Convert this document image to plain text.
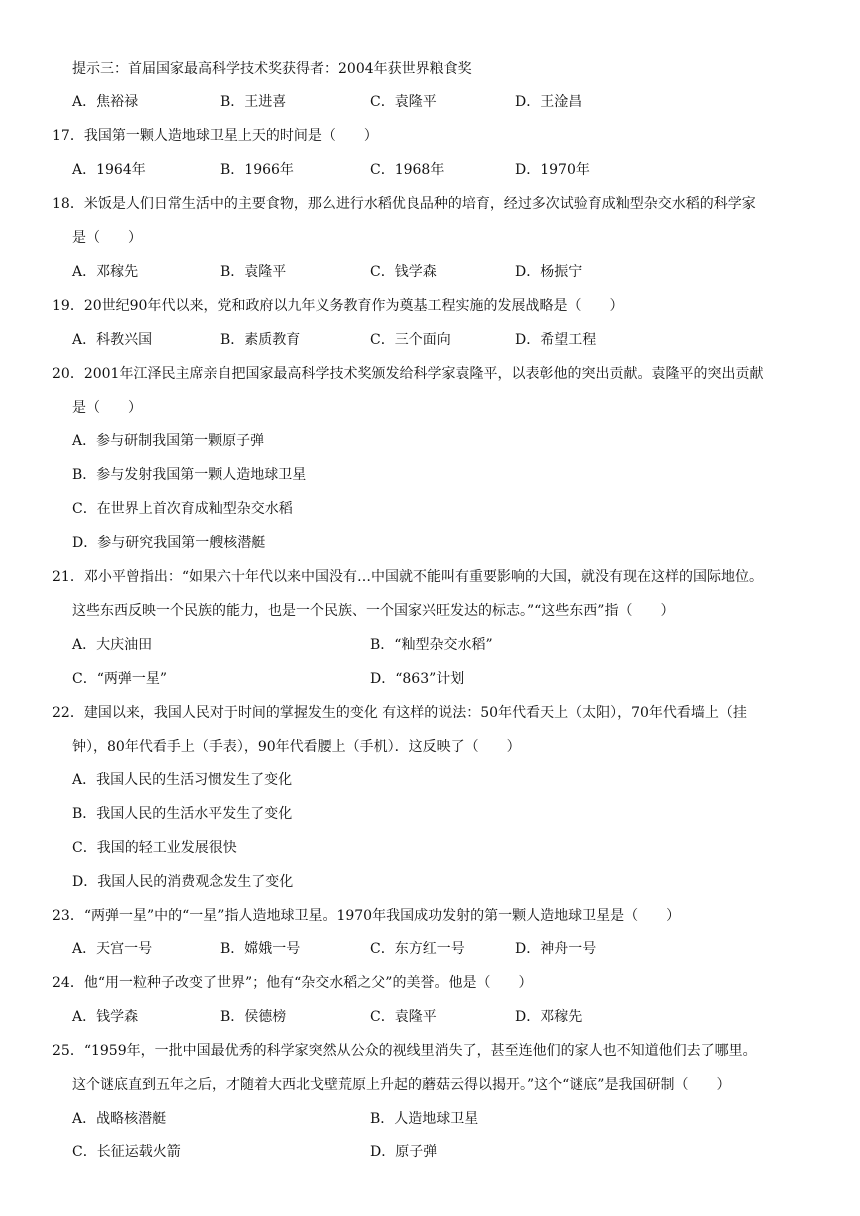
提示三：首届国家最高科学技术奖获得者：2004年获世界粮食奖
A．焦裕禄	B．王进喜	C．袁隆平	D．王淦昌
17．我国第一颗人造地球卫星上天的时间是（　　）
A．1964年	B．1966年	C．1968年	D．1970年
18．米饭是人们日常生活中的主要食物，那么进行水稻优良品种的培育，经过多次试验育成籼型杂交水稻的科学家
是（　　）
A．邓稼先	B．袁隆平	C．钱学森	D．杨振宁
19．20世纪90年代以来，党和政府以九年义务教育作为奠基工程实施的发展战略是（　　）
A．科教兴国	B．素质教育	C．三个面向	D．希望工程
20．2001年江泽民主席亲自把国家最高科学技术奖颁发给科学家袁隆平，以表彰他的突出贡献。袁隆平的突出贡献
是（　　）
A．参与研制我国第一颗原子弹
B．参与发射我国第一颗人造地球卫星
C．在世界上首次育成籼型杂交水稻
D．参与研究我国第一艘核潜艇
21．邓小平曾指出：“如果六十年代以来中国没有…中国就不能叫有重要影响的大国，就没有现在这样的国际地位。
这些东西反映一个民族的能力，也是一个民族、一个国家兴旺发达的标志。”“这些东西”指（　　）
A．大庆油田	B．“籼型杂交水稻”
C．“两弹一星”	D．“863”计划
22．建国以来，我国人民对于时间的掌握发生的变化 有这样的说法：50年代看天上（太阳），70年代看墙上（挂
钟），80年代看手上（手表），90年代看腰上（手机）．这反映了（　　）
A．我国人民的生活习惯发生了变化
B．我国人民的生活水平发生了变化
C．我国的轻工业发展很快
D．我国人民的消费观念发生了变化
23．“两弹一星”中的“一星”指人造地球卫星。1970年我国成功发射的第一颗人造地球卫星是（　　）
A．天宫一号	B．嫦娥一号	C．东方红一号	D．神舟一号
24．他“用一粒种子改变了世界”；他有“杂交水稻之父”的美誉。他是（　　）
A．钱学森	B．侯德榜	C．袁隆平	D．邓稼先
25．“1959年，一批中国最优秀的科学家突然从公众的视线里消失了，甚至连他们的家人也不知道他们去了哪里。
这个谜底直到五年之后，才随着大西北戈壁荒原上升起的蘑菇云得以揭开。”这个“谜底”是我国研制（　　）
A．战略核潜艇	B．人造地球卫星
C．长征运载火箭	D．原子弹
